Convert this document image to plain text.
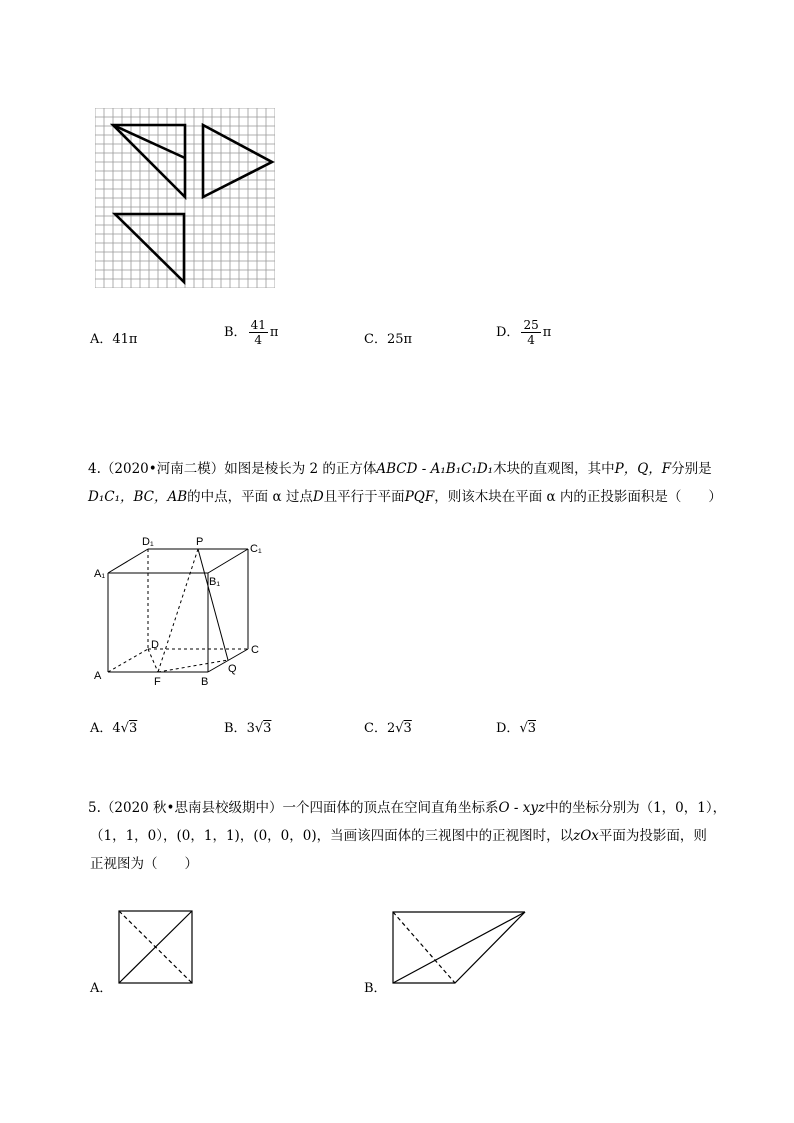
A．41π	B． $\frac{41}{4}$ π	C．25π	D． $\frac{25}{4}$ π
4.（2020•河南二模）如图是棱长为 2 的正方体ABCD - A₁B₁C₁D₁木块的直观图，其中P，Q，F分别是
D₁C₁，BC，AB的中点，平面 α 过点D且平行于平面PQF，则该木块在平面 α 内的正投影面积是（　　）
D₁	P
C₁
A₁
B₁
D	C
A	F	B
Q
A．4√3	B．3√3	C．2√3	D．√3
5.（2020 秋•思南县校级期中）一个四面体的顶点在空间直角坐标系O - xyz中的坐标分别为（1，0，1），
（1，1，0），(0，1，1)，(0，0，0)，当画该四面体的三视图中的正视图时，以zOx平面为投影面，则
正视图为（　　）
A．	B．
